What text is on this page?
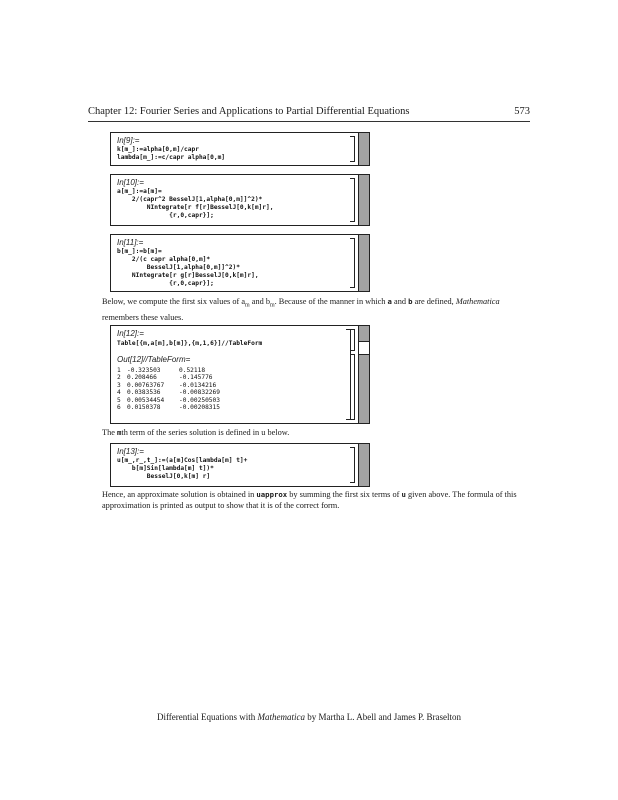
Chapter 12: Fourier Series and Applications to Partial Differential Equations	573
In[9]:=
k[m_]:=alpha[0,m]/capr
lambda[m_]:=c/capr alpha[0,m]
In[10]:=
a[m_]:=a[m]=
2/(capr^2 BesselJ[1,alpha[0,m]]^2)*
NIntegrate[r f[r]BesselJ[0,k[m]r],
{r,0,capr}];
In[11]:=
b[m_]:=b[m]=
2/(c capr alpha[0,m]*
BesselJ[1,alpha[0,m]]^2)*
NIntegrate[r g[r]BesselJ[0,k[m]r],
{r,0,capr}];
Below, we compute the first six values of $a_m$ and $b_m$. Because of the manner in which a and b are defined, Mathematica remembers these values.
In[12]:=
Table[{m,a[m],b[m]},{m,1,6}]//TableForm
Out[12]//TableForm=
1 -0.323503	0.52118
2 0.208466	-0.145776
3 0.00763767 -0.0134216
4 0.0383536	-0.00832269
5 0.00534454 -0.00250503
6 0.0150378	-0.00208315
The mth term of the series solution is defined in u below.
In[13]:=
u[m_,r_,t_]:=(a[m]Cos[lambda[m] t]+
b[m]Sin[lambda[m] t])*
BesselJ[0,k[m] r]
Hence, an approximate solution is obtained in uapprox by summing the first six terms of u given above. The formula of this approximation is printed as output to show that it is of the correct form.
Differential Equations with Mathematica by Martha L. Abell and James P. Braselton
